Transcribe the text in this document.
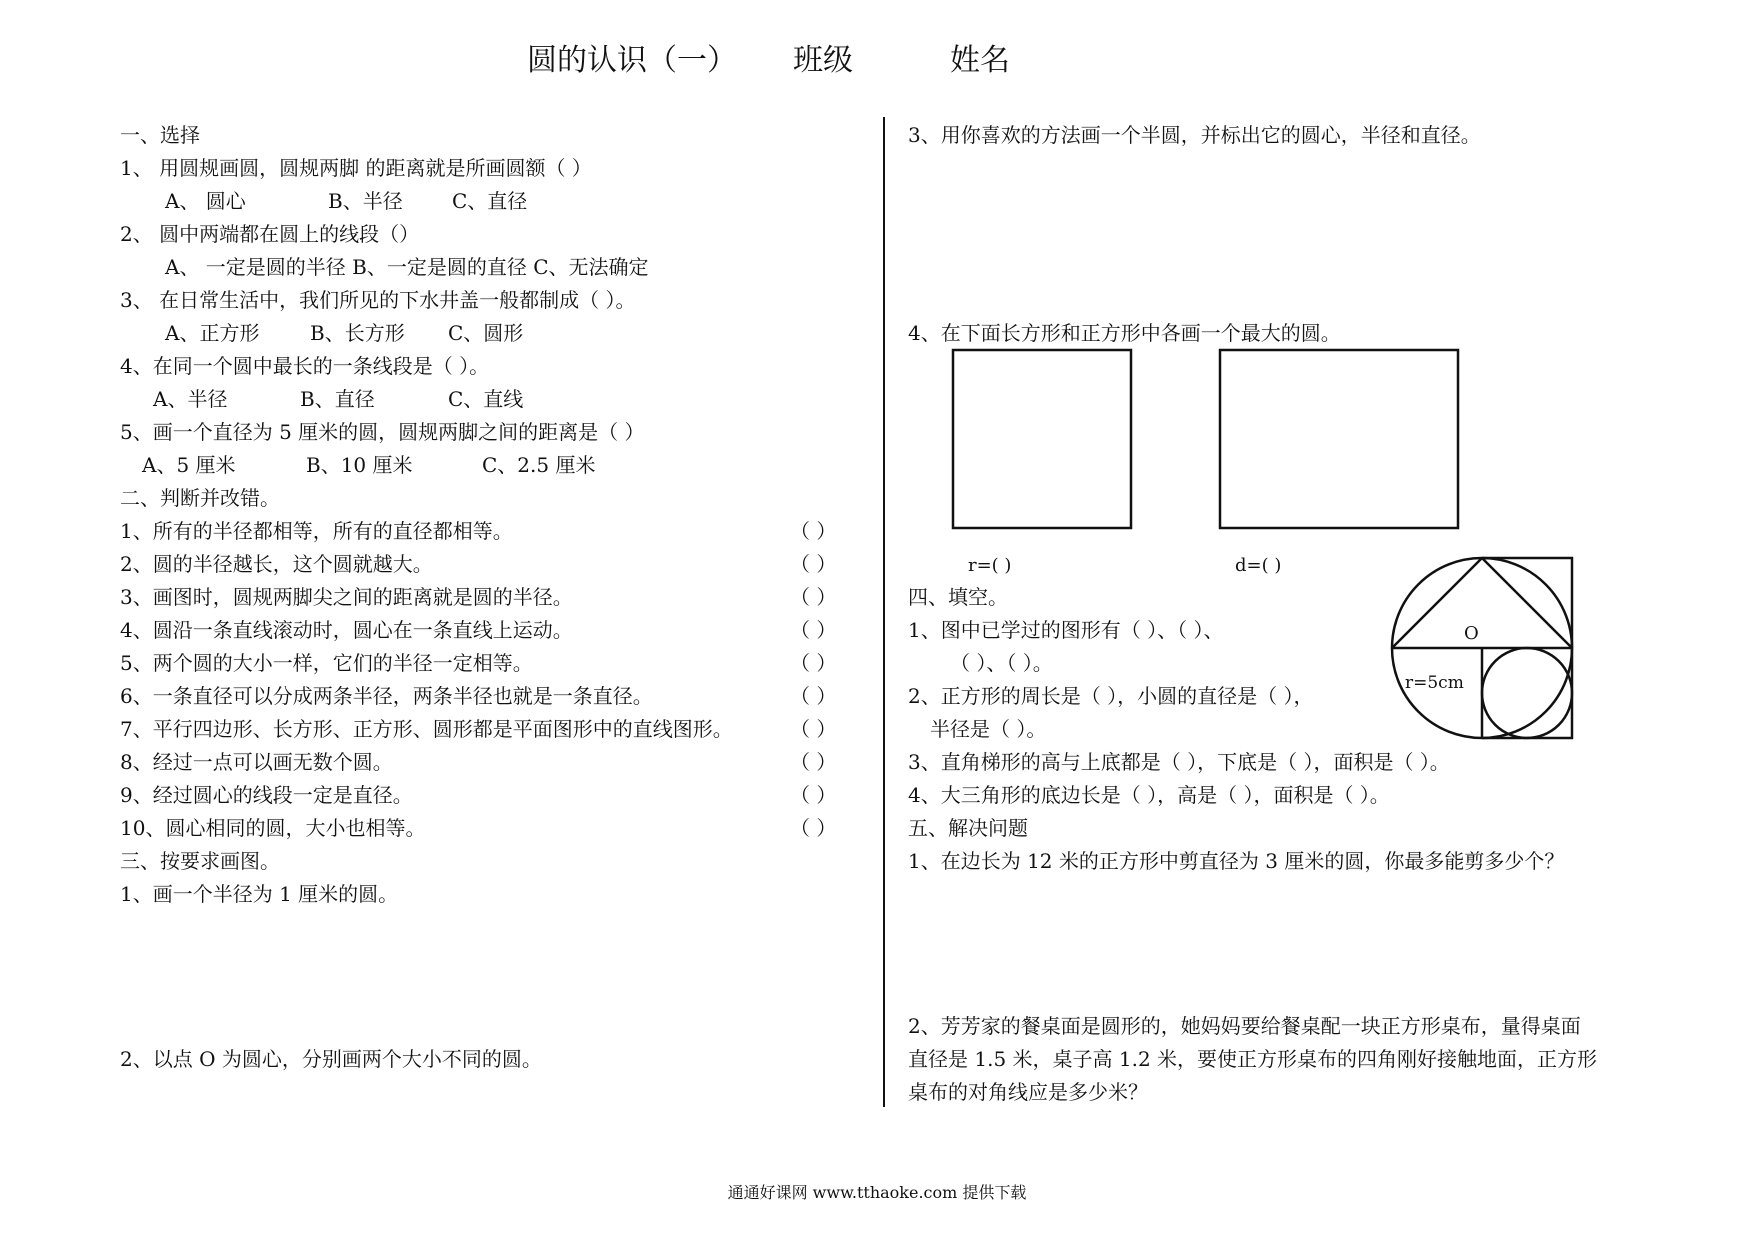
圆的认识（一） 班级	姓名
一、选择
1、 用圆规画圆，圆规两脚 的距离就是所画圆额（ ）
A、 圆心	B、半径 C、直径
2、 圆中两端都在圆上的线段（）
A、 一定是圆的半径 B、一定是圆的直径 C、无法确定
3、 在日常生活中，我们所见的下水井盖一般都制成（ ）。
A、正方形	B、长方形 C、圆形
4、在同一个圆中最长的一条线段是（ ）。
A、半径	B、直径	C、直线
5、画一个直径为 5 厘米的圆，圆规两脚之间的距离是（ ）
A、5 厘米	B、10 厘米	C、2.5 厘米
二、判断并改错。
1、所有的半径都相等，所有的直径都相等。	（ ）
2、圆的半径越长，这个圆就越大。	（ ）
3、画图时，圆规两脚尖之间的距离就是圆的半径。	（ ）
4、圆沿一条直线滚动时，圆心在一条直线上运动。	（ ）
5、两个圆的大小一样，它们的半径一定相等。	（ ）
6、一条直径可以分成两条半径，两条半径也就是一条直径。	（ ）
7、平行四边形、长方形、正方形、圆形都是平面图形中的直线图形。	（ ）
8、经过一点可以画无数个圆。	（ ）
9、经过圆心的线段一定是直径。	（ ）
10、圆心相同的圆，大小也相等。	（ ）
三、按要求画图。
1、画一个半径为 1 厘米的圆。
2、以点 O 为圆心，分别画两个大小不同的圆。
3、用你喜欢的方法画一个半圆，并标出它的圆心，半径和直径。
4、在下面长方形和正方形中各画一个最大的圆。
r=( )	d=( )
O
r=5cm
四、填空。
1、图中已学过的图形有（ ）、（ ）、
（ ）、（ ）。
2、正方形的周长是（ ），小圆的直径是（ ），
半径是（ ）。
3、直角梯形的高与上底都是（ ），下底是（ ），面积是（ ）。
4、大三角形的底边长是（ ），高是（ ），面积是（ ）。
五、解决问题
1、在边长为 12 米的正方形中剪直径为 3 厘米的圆，你最多能剪多少个？
2、芳芳家的餐桌面是圆形的，她妈妈要给餐桌配一块正方形桌布，量得桌面
直径是 1.5 米，桌子高 1.2 米，要使正方形桌布的四角刚好接触地面，正方形
桌布的对角线应是多少米？
通通好课网 www.tthaoke.com 提供下载
